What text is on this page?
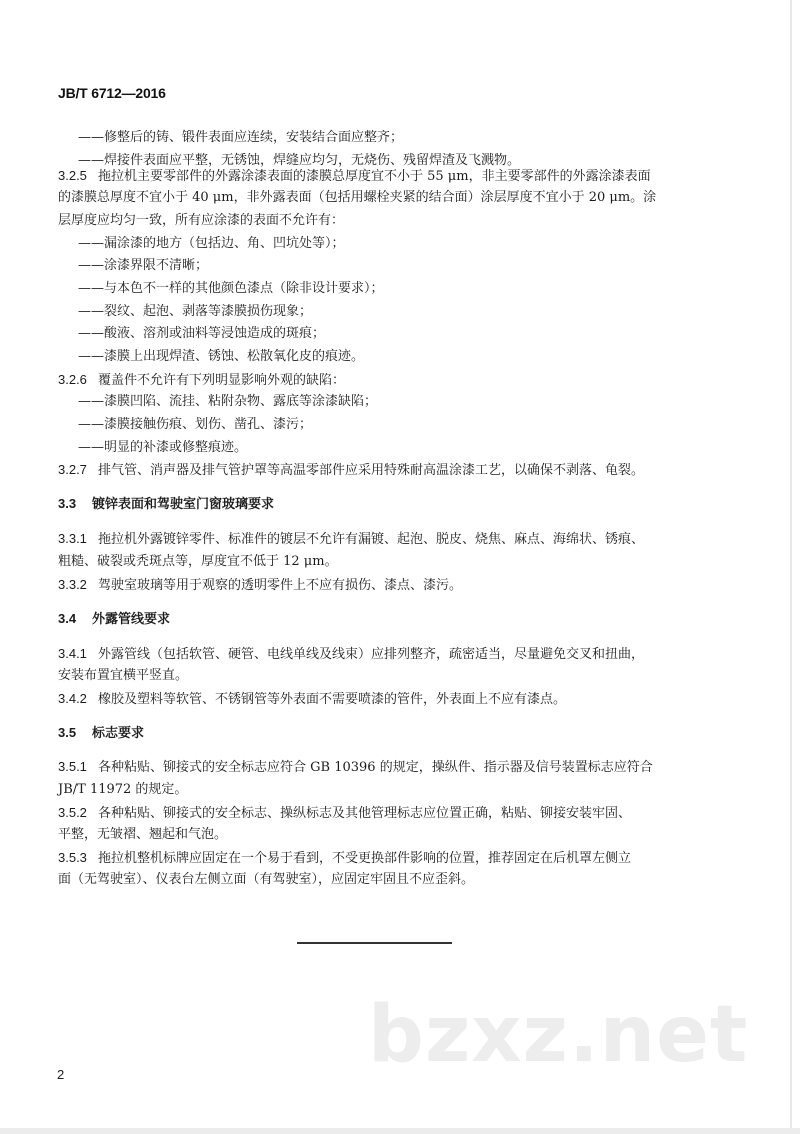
JB/T 6712—2016
——修整后的铸、锻件表面应连续，安装结合面应整齐；
——焊接件表面应平整，无锈蚀，焊缝应均匀，无烧伤、残留焊渣及飞溅物。
3.2.5 拖拉机主要零部件的外露涂漆表面的漆膜总厚度宜不小于 55 μm，非主要零部件的外露涂漆表面
的漆膜总厚度不宜小于 40 μm，非外露表面（包括用螺栓夹紧的结合面）涂层厚度不宜小于 20 μm。涂
层厚度应均匀一致，所有应涂漆的表面不允许有：
——漏涂漆的地方（包括边、角、凹坑处等）；
——涂漆界限不清晰；
——与本色不一样的其他颜色漆点（除非设计要求）；
——裂纹、起泡、剥落等漆膜损伤现象；
——酸液、溶剂或油料等浸蚀造成的斑痕；
——漆膜上出现焊渣、锈蚀、松散氧化皮的痕迹。
3.2.6 覆盖件不允许有下列明显影响外观的缺陷：
——漆膜凹陷、流挂、粘附杂物、露底等涂漆缺陷；
——漆膜接触伤痕、划伤、凿孔、漆污；
——明显的补漆或修整痕迹。
3.2.7 排气管、消声器及排气管护罩等高温零部件应采用特殊耐高温涂漆工艺，以确保不剥落、龟裂。
3.3 镀锌表面和驾驶室门窗玻璃要求
3.3.1 拖拉机外露镀锌零件、标准件的镀层不允许有漏镀、起泡、脱皮、烧焦、麻点、海绵状、锈痕、
粗糙、破裂或秃斑点等，厚度宜不低于 12 μm。
3.3.2 驾驶室玻璃等用于观察的透明零件上不应有损伤、漆点、漆污。
3.4 外露管线要求
3.4.1 外露管线（包括软管、硬管、电线单线及线束）应排列整齐，疏密适当，尽量避免交叉和扭曲，
安装布置宜横平竖直。
3.4.2 橡胶及塑料等软管、不锈钢管等外表面不需要喷漆的管件，外表面上不应有漆点。
3.5 标志要求
3.5.1 各种粘贴、铆接式的安全标志应符合 GB 10396 的规定，操纵件、指示器及信号装置标志应符合
JB/T 11972 的规定。
3.5.2 各种粘贴、铆接式的安全标志、操纵标志及其他管理标志应位置正确，粘贴、铆接安装牢固、
平整，无皱褶、翘起和气泡。
3.5.3 拖拉机整机标牌应固定在一个易于看到，不受更换部件影响的位置，推荐固定在后机罩左侧立
面（无驾驶室）、仪表台左侧立面（有驾驶室），应固定牢固且不应歪斜。
bzxz.net
2
